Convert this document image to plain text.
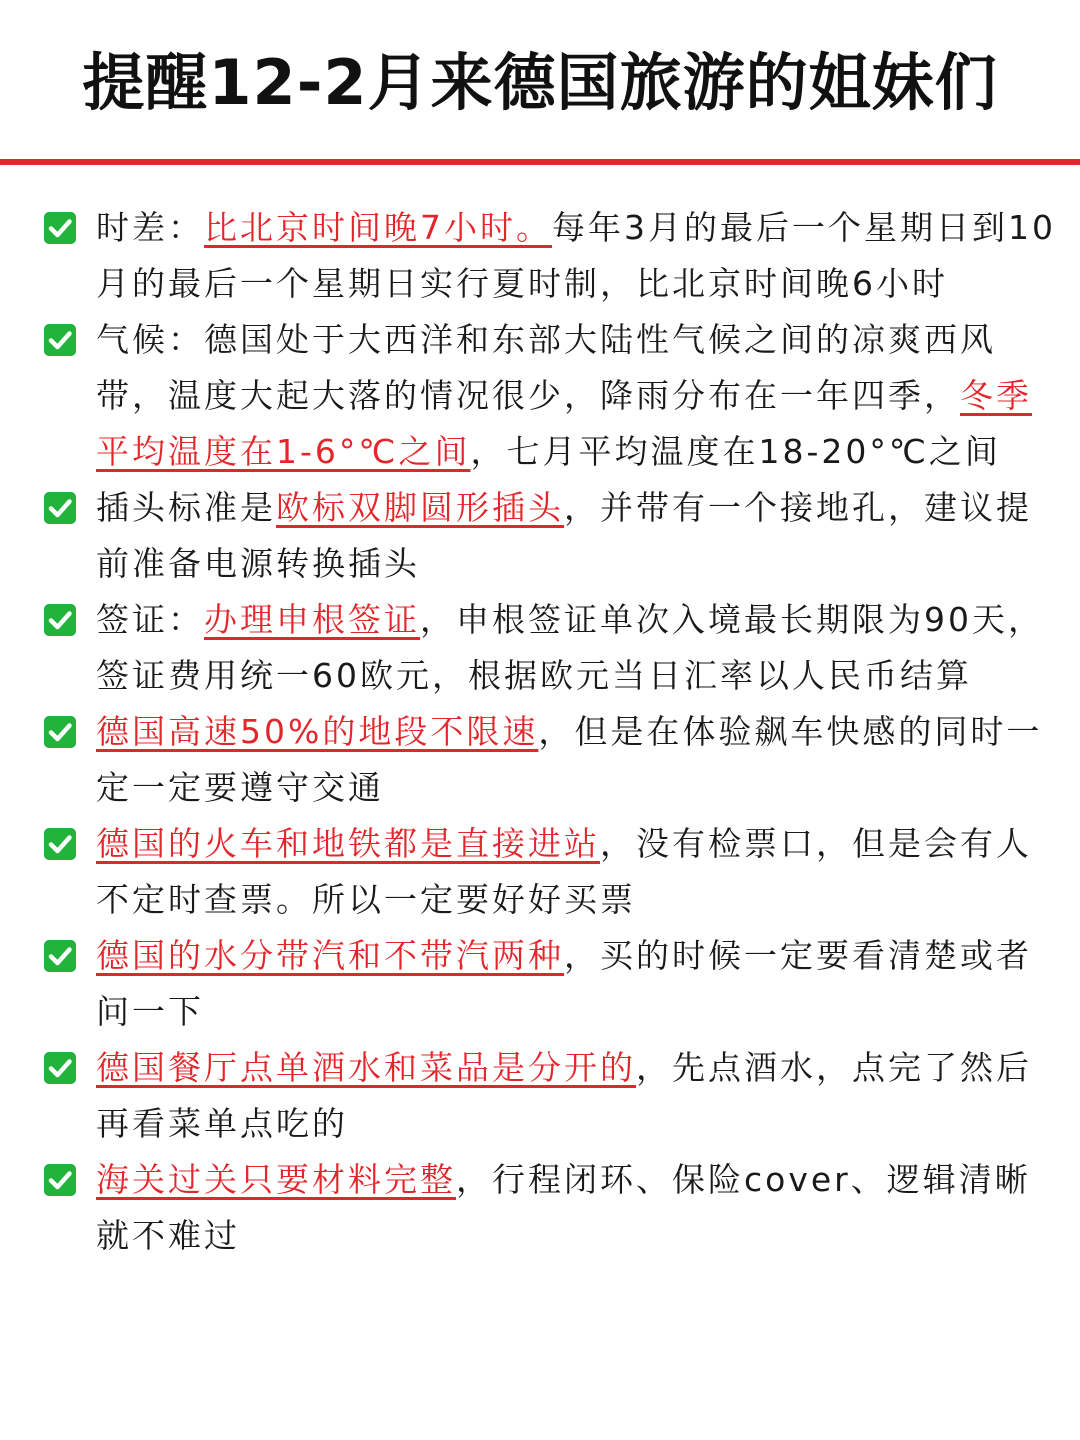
提醒12-2月来德国旅游的姐妹们
时差：比北京时间晚7小时。每年3月的最后一个星期日到10月的最后一个星期日实行夏时制，比北京时间晚6小时
气候：德国处于大西洋和东部大陆性气候之间的凉爽西风带，温度大起大落的情况很少，降雨分布在一年四季，冬季平均温度在1-6°℃之间，七月平均温度在18-20°℃之间
插头标准是欧标双脚圆形插头，并带有一个接地孔，建议提前准备电源转换插头
签证：办理申根签证，申根签证单次入境最长期限为90天，签证费用统一60欧元，根据欧元当日汇率以人民币结算
德国高速50%的地段不限速，但是在体验飙车快感的同时一定一定要遵守交通
德国的火车和地铁都是直接进站，没有检票口，但是会有人不定时查票。所以一定要好好买票
德国的水分带汽和不带汽两种，买的时候一定要看清楚或者问一下
德国餐厅点单酒水和菜品是分开的，先点酒水，点完了然后再看菜单点吃的
海关过关只要材料完整，行程闭环、保险cover、逻辑清晰就不难过
